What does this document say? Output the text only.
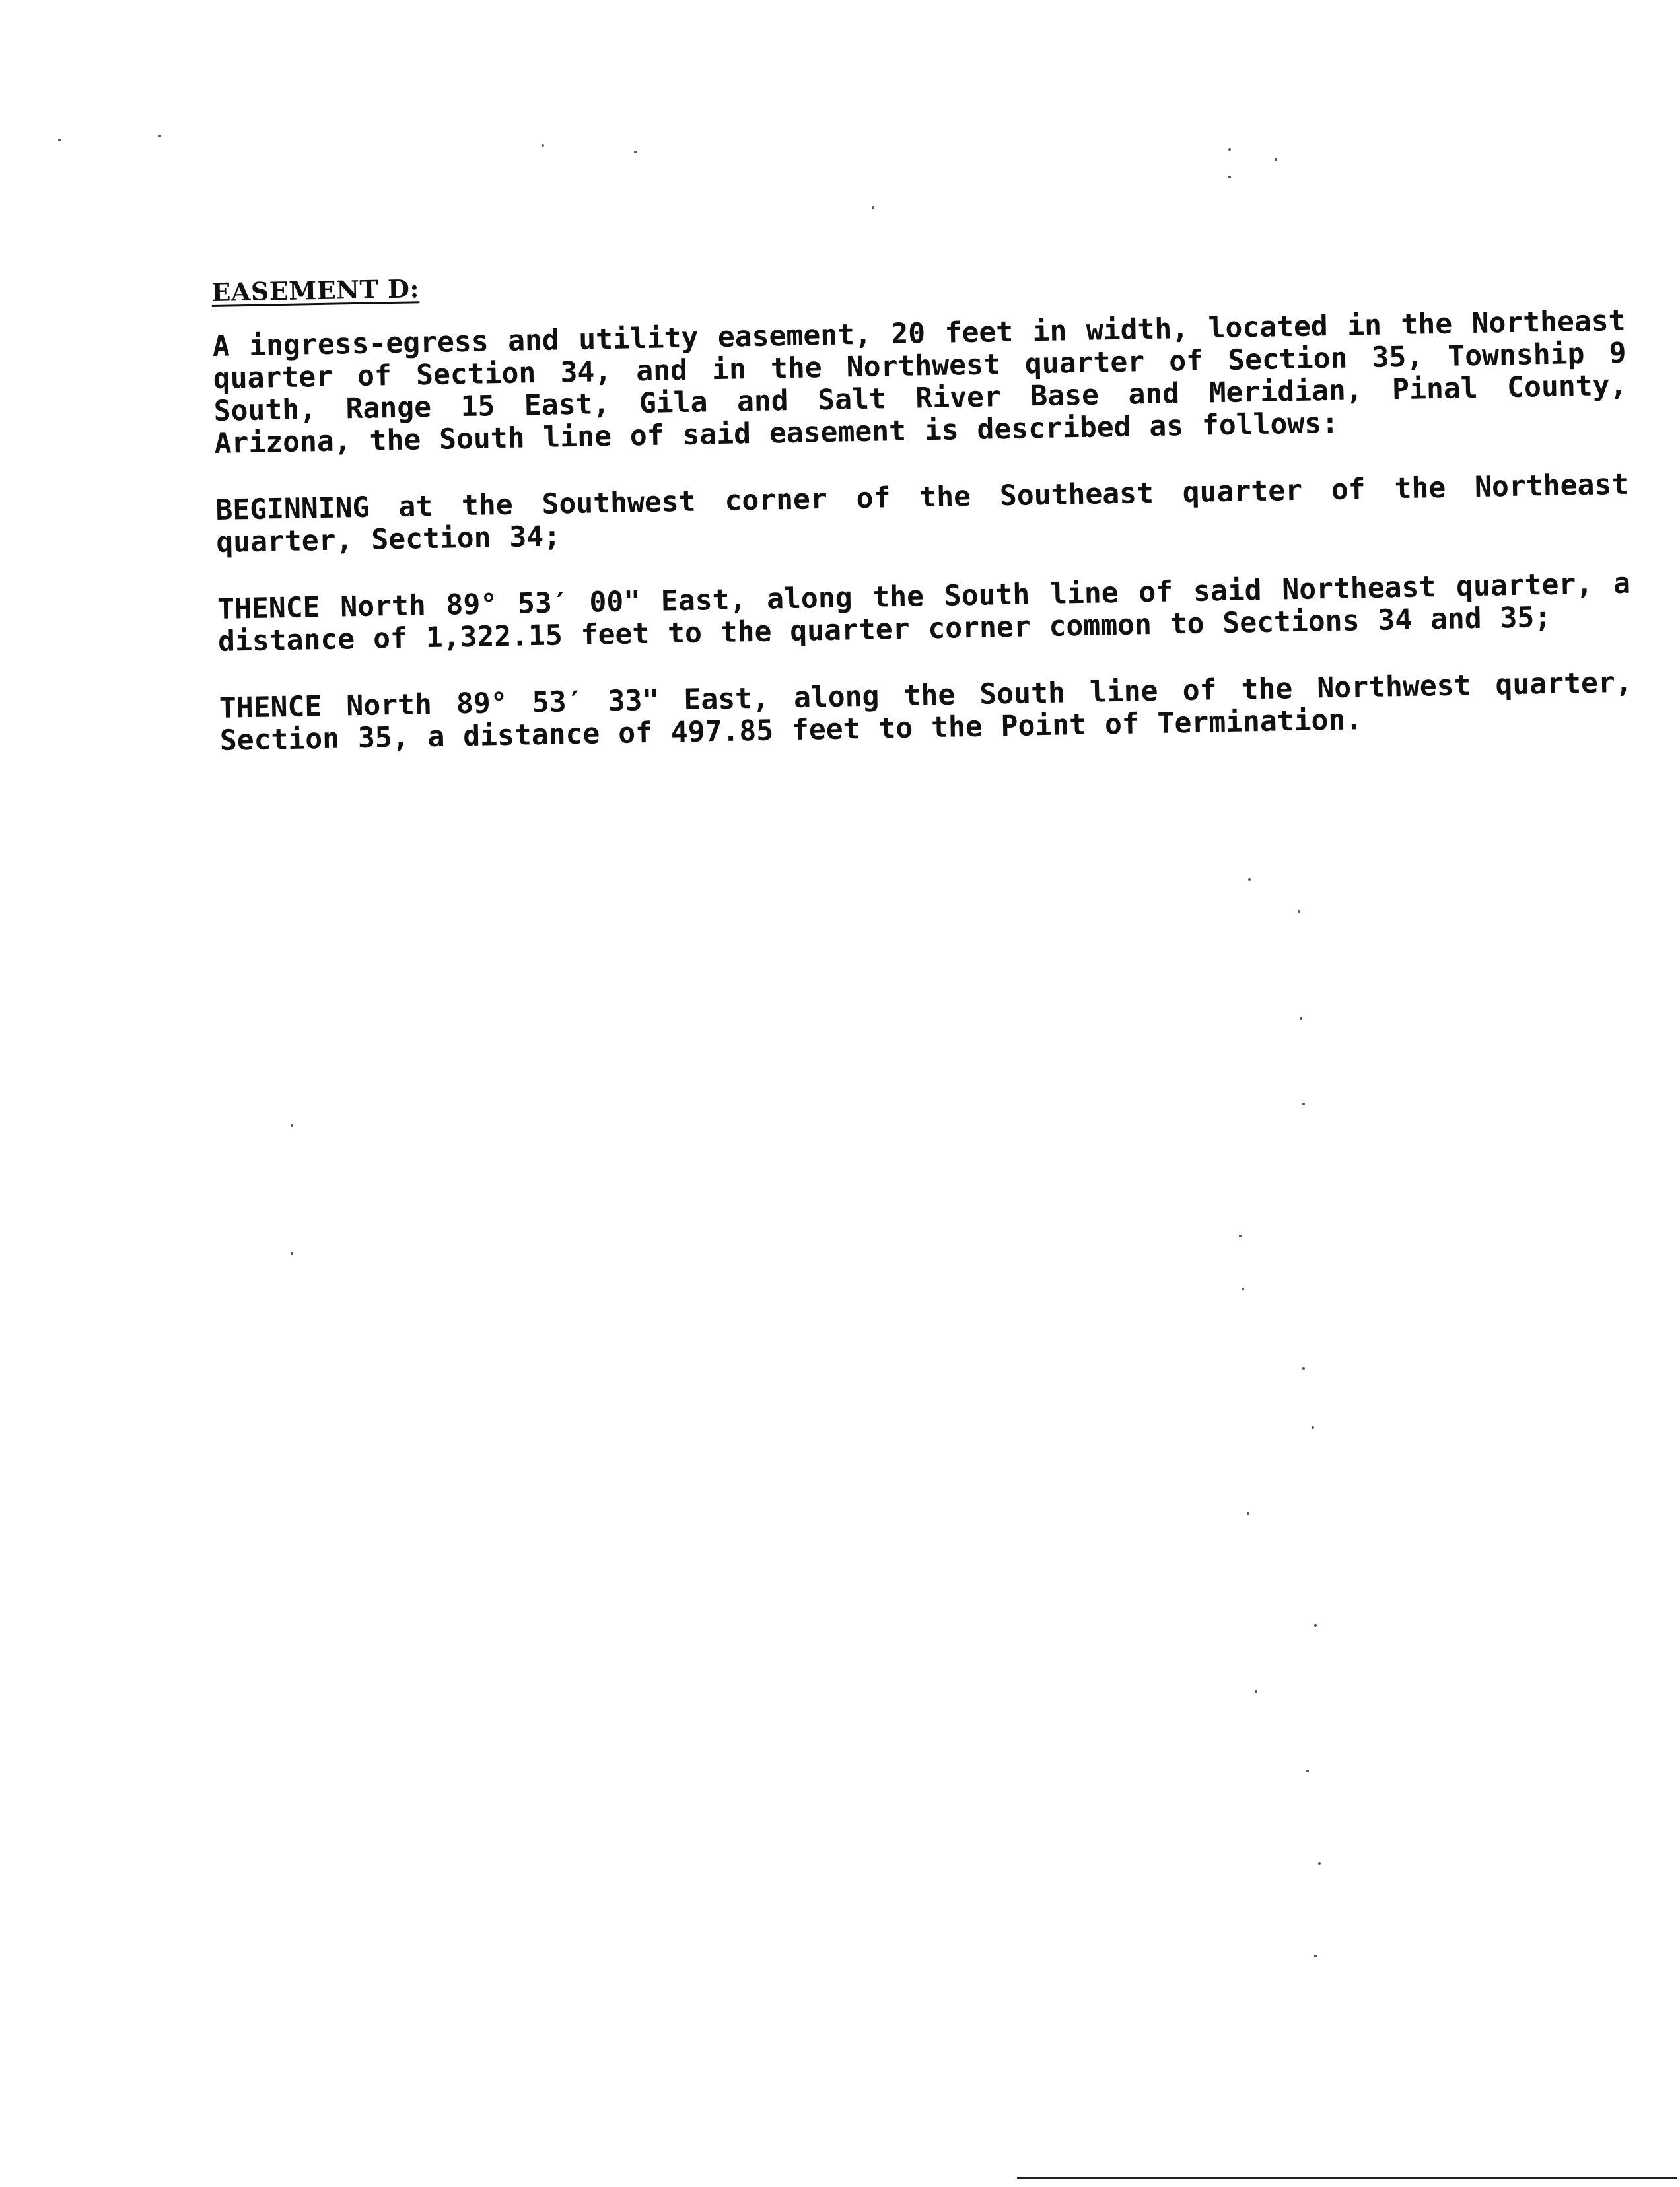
EASEMENT D:

A ingress-egress and utility easement, 20 feet in width, located in the Northeast quarter of Section 34, and in the Northwest quarter of Section 35, Township 9 South, Range 15 East, Gila and Salt River Base and Meridian, Pinal County, Arizona, the South line of said easement is described as follows:

BEGINNING at the Southwest corner of the Southeast quarter of the Northeast quarter, Section 34;

THENCE North 89° 53′ 00" East, along the South line of said Northeast quarter, a distance of 1,322.15 feet to the quarter corner common to Sections 34 and 35;

THENCE North 89° 53′ 33" East, along the South line of the Northwest quarter, Section 35, a distance of 497.85 feet to the Point of Termination.
